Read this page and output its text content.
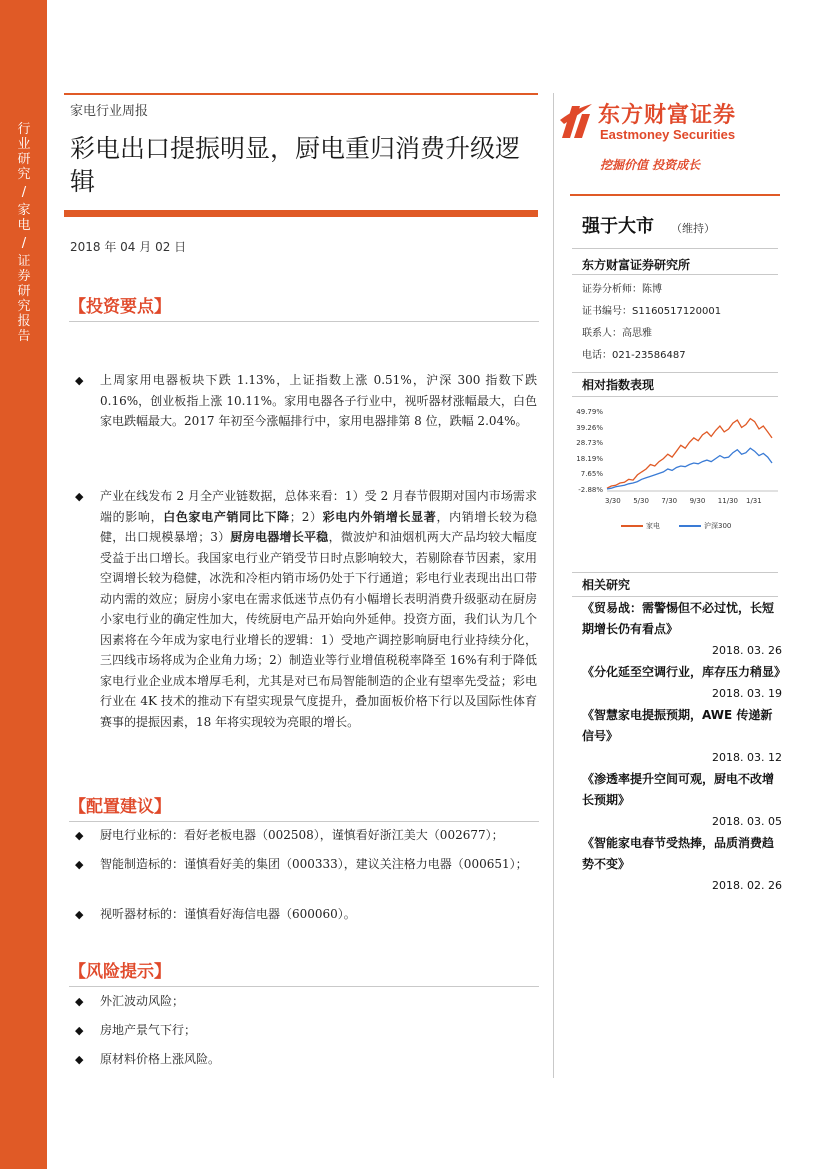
行
业
研
究
/
家
电
/
证
券
研
究
报
告
家电行业周报
彩电出口提振明显，厨电重归消费升级逻辑
2018 年 04 月 02 日
东方财富证券
Eastmoney Securities
挖掘价值 投资成长
强于大市 （维持）
东方财富证券研究所
证券分析师：陈博
证书编号：S1160517120001
联系人：高思雅
电话：021-23586487
相对指数表现
49.79%
39.26%
28.73%
18.19%
7.65%
-2.88%
3/30 5/30 7/30 9/30 11/30 1/31
家电	沪深300
相关研究
《贸易战：需警惕但不必过忧，长短期增长仍有看点》
2018. 03. 26
《分化延至空调行业，库存压力稍显》
2018. 03. 19
《智慧家电提振预期，AWE 传递新信号》
2018. 03. 12
《渗透率提升空间可观，厨电不改增长预期》
2018. 03. 05
《智能家电春节受热捧，品质消费趋势不变》
2018. 02. 26
【投资要点】
◆ 上周家用电器板块下跌 1.13%，上证指数上涨 0.51%，沪深 300 指数下跌 0.16%，创业板指上涨 10.11%。家用电器各子行业中，视听器材涨幅最大，白色家电跌幅最大。2017 年初至今涨幅排行中，家用电器排第 8 位，跌幅 2.04%。
◆ 产业在线发布 2 月全产业链数据，总体来看：1）受 2 月春节假期对国内市场需求端的影响，白色家电产销同比下降；2）彩电内外销增长显著，内销增长较为稳健，出口规模暴增；3）厨房电器增长平稳，微波炉和油烟机两大产品均较大幅度受益于出口增长。我国家电行业产销受节日时点影响较大，若剔除春节因素，家用空调增长较为稳健，冰洗和冷柜内销市场仍处于下行通道；彩电行业表现出出口带动内需的效应；厨房小家电在需求低迷节点仍有小幅增长表明消费升级驱动在厨房小家电行业的确定性加大，传统厨电产品开始向外延伸。投资方面，我们认为几个因素将在今年成为家电行业增长的逻辑：1）受地产调控影响厨电行业持续分化，三四线市场将成为企业角力场；2）制造业等行业增值税税率降至 16%有利于降低家电行业企业成本增厚毛利，尤其是对已布局智能制造的企业有望率先受益；彩电行业在 4K 技术的推动下有望实现景气度提升，叠加面板价格下行以及国际性体育赛事的提振因素，18 年将实现较为亮眼的增长。
【配置建议】
◆ 厨电行业标的：看好老板电器（002508），谨慎看好浙江美大（002677）；
◆ 智能制造标的：谨慎看好美的集团（000333），建议关注格力电器（000651）；
◆ 视听器材标的：谨慎看好海信电器（600060）。
【风险提示】
◆ 外汇波动风险；
◆ 房地产景气下行；
◆ 原材料价格上涨风险。
